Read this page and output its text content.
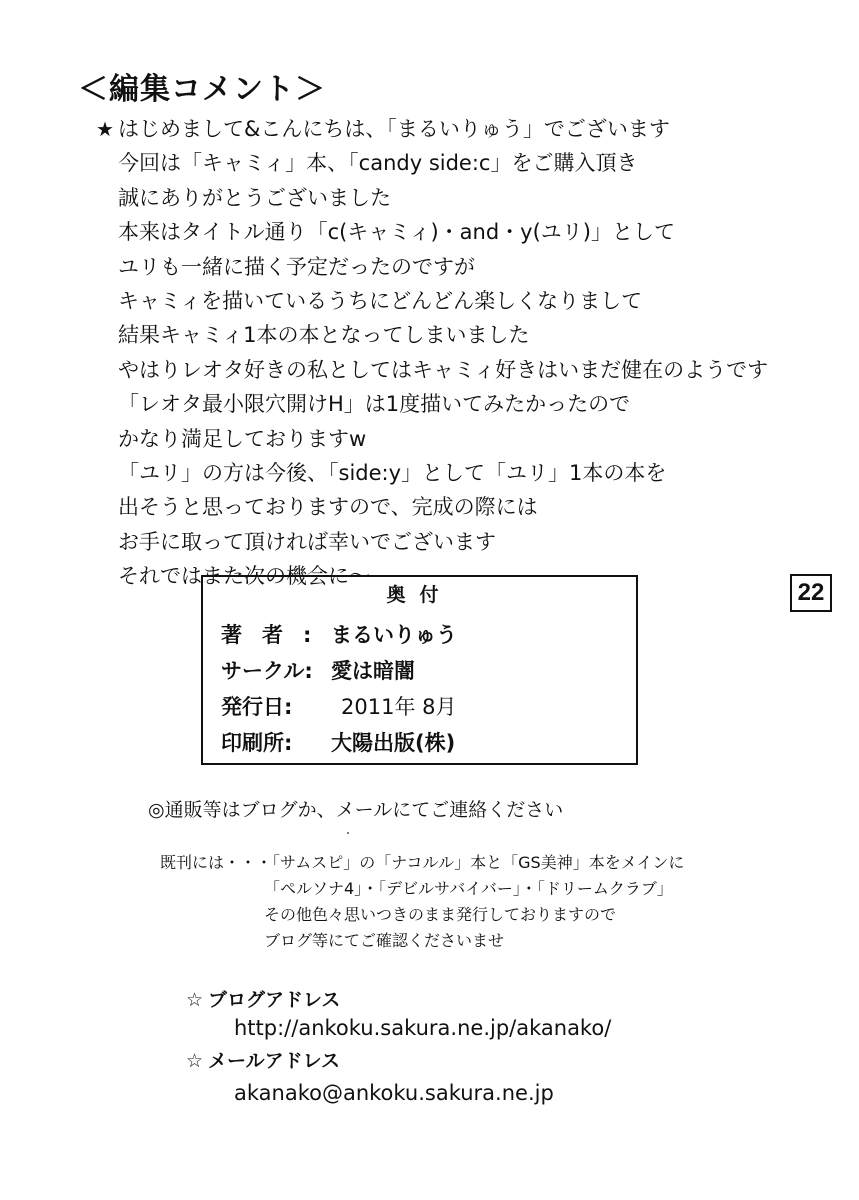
＜編集コメント＞
★ はじめまして&こんにちは、「まるいりゅう」でございます
今回は「キャミィ」本、「candy side:c」をご購入頂き
誠にありがとうございました
本来はタイトル通り「c(キャミィ)・and・y(ユリ)」として
ユリも一緒に描く予定だったのですが
キャミィを描いているうちにどんどん楽しくなりまして
結果キャミィ1本の本となってしまいました
やはりレオタ好きの私としてはキャミィ好きはいまだ健在のようです
「レオタ最小限穴開けH」は1度描いてみたかったので
かなり満足しておりますw
「ユリ」の方は今後、「side:y」として「ユリ」1本の本を
出そうと思っておりますので、完成の際には
お手に取って頂ければ幸いでございます
それではまた次の機会に～
22
奥付
著者:まるいりゅう
サークル: 愛は暗闇
発行日: 2011年 8月
印刷所: 大陽出版(株)
◎通販等はブログか、メールにてご連絡ください
既刊には・・・「サムスピ」の「ナコルル」本と「GS美神」本をメインに
「ペルソナ4」・「デビルサバイバー」・「ドリームクラブ」
その他色々思いつきのまま発行しておりますので
ブログ等にてご確認くださいませ
☆ ブログアドレス
http://ankoku.sakura.ne.jp/akanako/
☆ メールアドレス
akanako@ankoku.sakura.ne.jp
